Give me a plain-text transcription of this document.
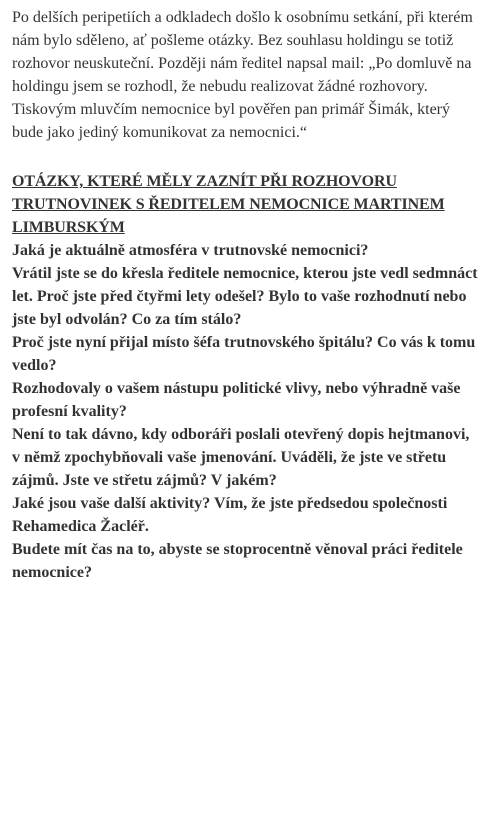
Po delších peripetiích a odkladech došlo k osobnímu setkání, při kterém nám bylo sděleno, ať pošleme otázky. Bez souhlasu holdingu se totiž rozhovor neuskuteční. Později nám ředitel napsal mail: „Po domluvě na holdingu jsem se rozhodl, že nebudu realizovat žádné rozhovory. Tiskovým mluvčím nemocnice byl pověřen pan primář Šimák, který bude jako jediný komunikovat za nemocnici.“

OTÁZKY, KTERÉ MĚLY ZAZNÍT PŘI ROZHOVORU TRUTNOVINEK S ŘEDITELEM NEMOCNICE MARTINEM LIMBURSKÝM

Jaká je aktuálně atmosféra v trutnovské nemocnici?

Vrátil jste se do křesla ředitele nemocnice, kterou jste vedl sedmnáct let. Proč jste před čtyřmi lety odešel? Bylo to vaše rozhodnutí nebo jste byl odvolán? Co za tím stálo?

Proč jste nyní přijal místo šéfa trutnovského špitálu? Co vás k tomu vedlo?

Rozhodovaly o vašem nástupu politické vlivy, nebo výhradně vaše profesní kvality?

Není to tak dávno, kdy odboráři poslali otevřený dopis hejtmanovi, v němž zpochybňovali vaše jmenování. Uváděli, že jste ve střetu zájmů. Jste ve střetu zájmů? V jakém?

Jaké jsou vaše další aktivity? Vím, že jste předsedou společnosti Rehamedica Žacléř.

Budete mít čas na to, abyste se stoprocentně věnoval práci ředitele nemocnice?
